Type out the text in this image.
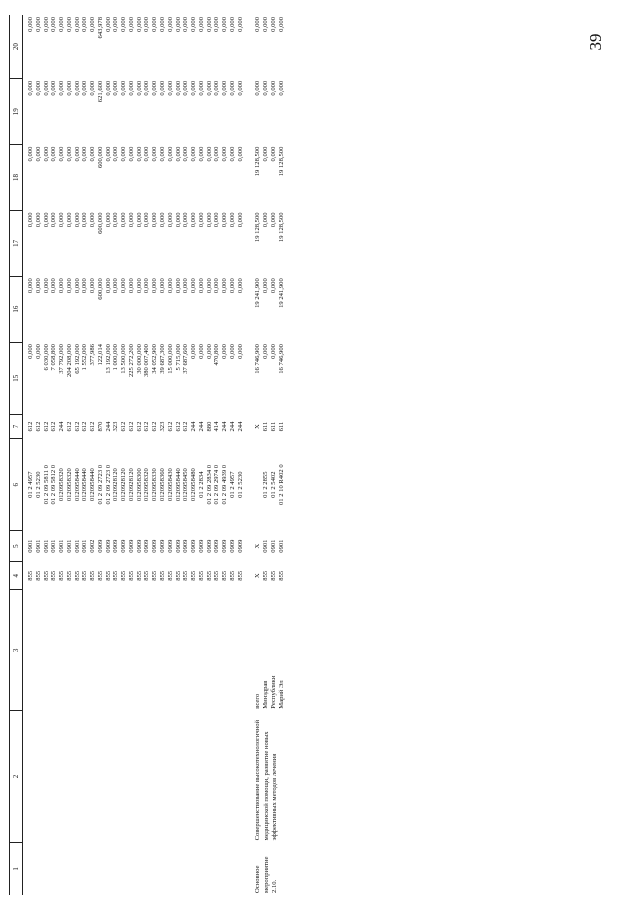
39
1	2	3	4	5	6	7	15	16	17	18	19	20

			855	0901	01 2 4957	612	0,000	0,000	0,000	0,000	0,000	0,000
			855	0901	01 2 5230	612	0,000	0,000	0,000	0,000	0,000	0,000
			855	0901	01 2 09 5811 0	612	6 030,000	0,000	0,000	0,000	0,000	0,000
			855	0901	01 2 09 5812 0	612	7 058,800	0,000	0,000	0,000	0,000	0,000
			855	0901	0120958320	244	37 792,000	0,000	0,000	0,000	0,000	0,000
			855	0901	0120958320	612	204 208,000	0,000	0,000	0,000	0,000	0,000
			855	0901	0120958440	612	65 192,000	0,000	0,000	0,000	0,000	0,000
			855	0901	0120958440	612	1 552,000	0,000	0,000	0,000	0,000	0,000
			855	0902	0120958440	612	377,986	0,000	0,000	0,000	0,000	0,000
			855	0909	01 2 09 2723 0	870	122,014	600,000	600,000	600,000	621,600	643,978
			855	0909	01 2 09 2723 0	244	13 192,000	0,000	0,000	0,000	0,000	0,000
			855	0909	0120928120	323	1 000,000	0,000	0,000	0,000	0,000	0,000
			855	0909	0120928120	612	13 500,000	0,000	0,000	0,000	0,000	0,000
			855	0909	0120928120	612	225 272,200	0,000	0,000	0,000	0,000	0,000
			855	0909	0120958300	612	30 000,000	0,000	0,000	0,000	0,000	0,000
			855	0909	0120958320	612	380 007,400	0,000	0,000	0,000	0,000	0,000
			855	0909	0120958330	612	34 052,900	0,000	0,000	0,000	0,000	0,000
			855	0909	0120958360	323	39 687,300	0,000	0,000	0,000	0,000	0,000
			855	0909	0120958430	612	15 000,000	0,000	0,000	0,000	0,000	0,000
			855	0909	0120958440	612	5 715,000	0,000	0,000	0,000	0,000	0,000
			855	0909	0120958450	612	37 687,600	0,000	0,000	0,000	0,000	0,000
			855	0909	0120958480	244	0,000	0,000	0,000	0,000	0,000	0,000
			855	0909	01 2 2834	244	0,000	0,000	0,000	0,000	0,000	0,000
			855	0909	01 2 09 2834 0	880	0,000	0,000	0,000	0,000	0,000	0,000
			855	0909	01 2 09 2974 0	414	470,800	0,000	0,000	0,000	0,000	0,000
			855	0909	01 2 09 4939 0	244	0,000	0,000	0,000	0,000	0,000	0,000
			855	0909	01 2 4957	244	0,000	0,000	0,000	0,000	0,000	0,000
			855	0909	01 2 5230	244	0,000	0,000	0,000	0,000	0,000	0,000

Основное мероприятие 2.10.	Совершенствование высокотехнологичной медицинской помощи, развитие новых эффективных методов лечения	всего	X	X		X	16 746,900	19 241,900	19 128,500	19 128,500	0,000	0,000
		Минздрав	855	0901	01 2 2855	611	0,000	0,000	0,000	0,000	0,000	0,000
		Республики	855	0901	01 2 5402	611	0,000	0,000	0,000	0,000	0,000	0,000
		Марий Эл	855	0901	01 2 10 R402 0	611	16 746,900	19 241,900	19 128,500	19 128,500	0,000	0,000
